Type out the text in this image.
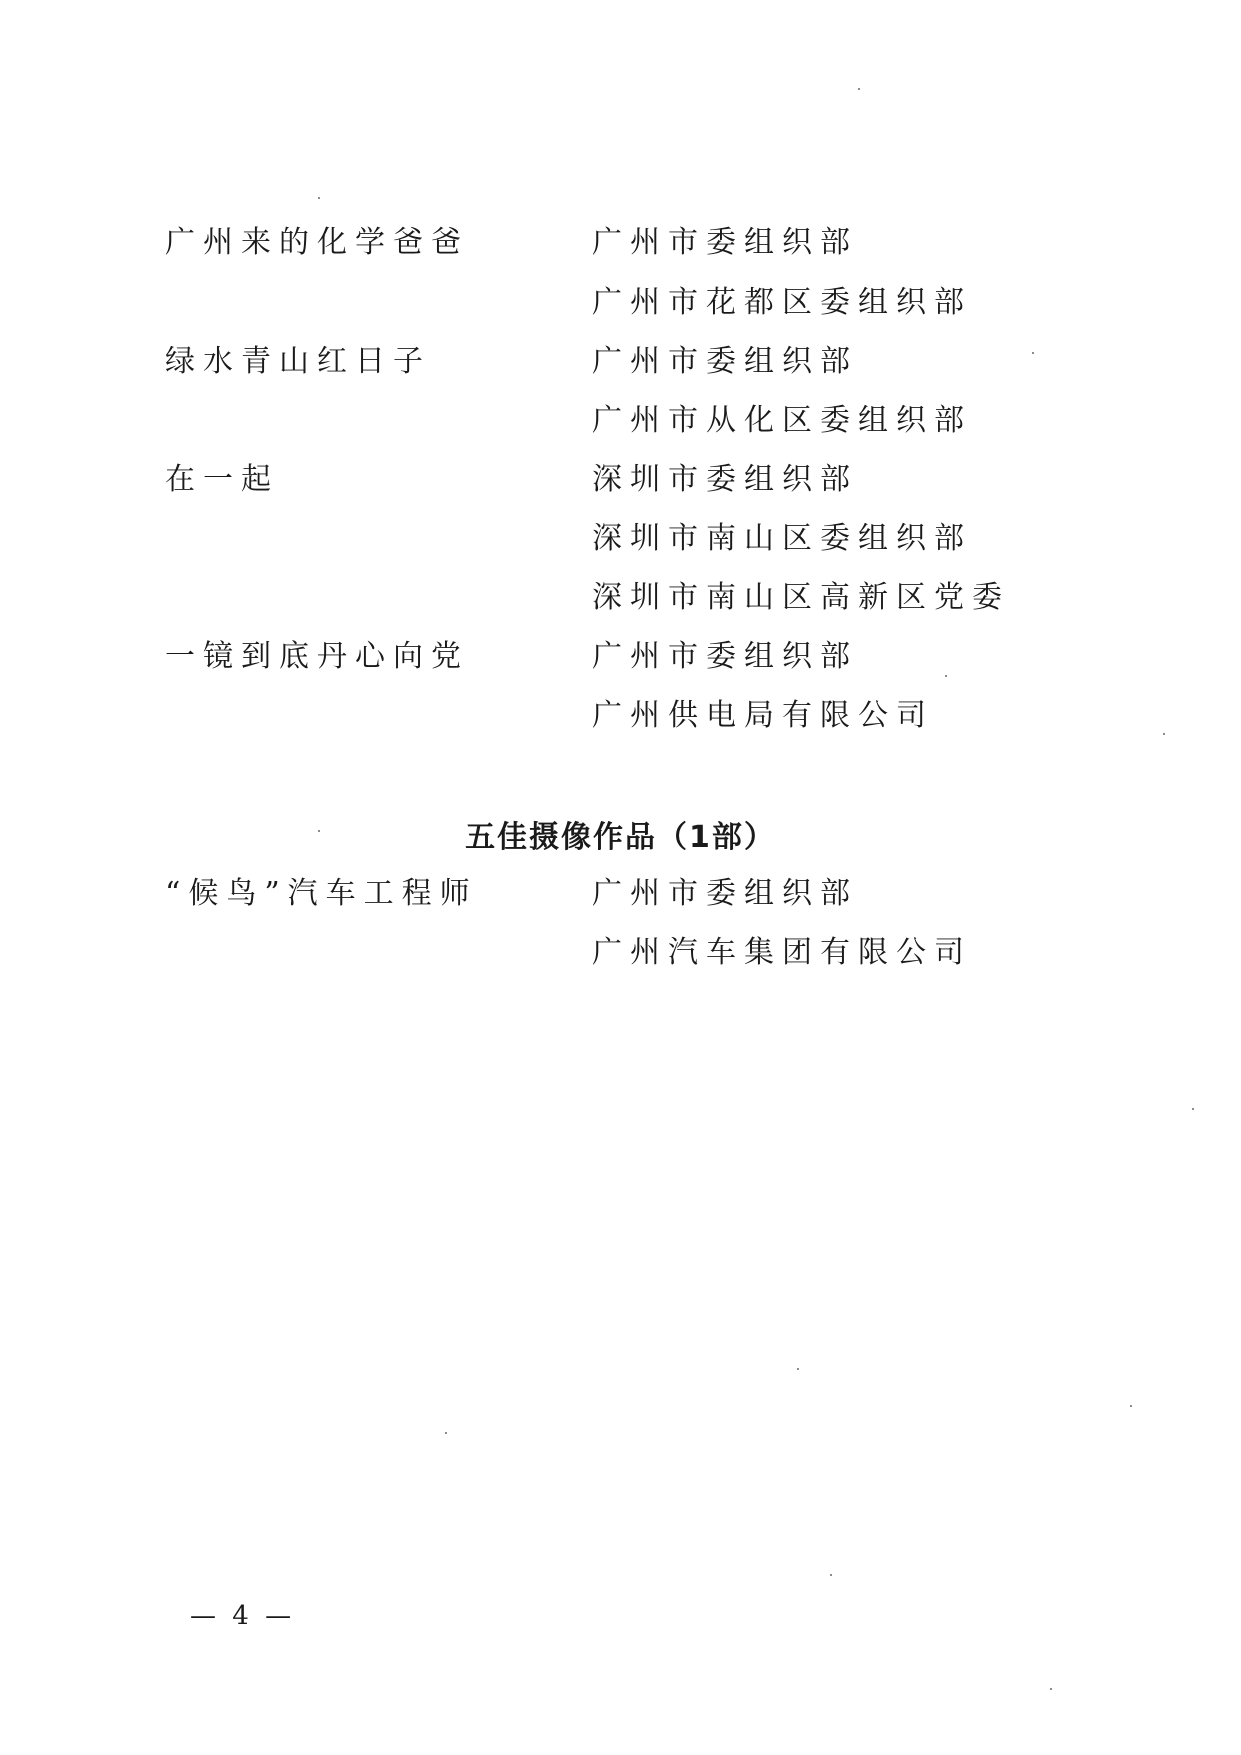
广州来的化学爸爸	广州市委组织部
广州市花都区委组织部
绿水青山红日子	广州市委组织部
广州市从化区委组织部
在一起	深圳市委组织部
深圳市南山区委组织部
深圳市南山区高新区党委
一镜到底丹心向党	广州市委组织部
广州供电局有限公司
五佳摄像作品（1部）
“候鸟”汽车工程师	广州市委组织部
广州汽车集团有限公司
— 4 —
